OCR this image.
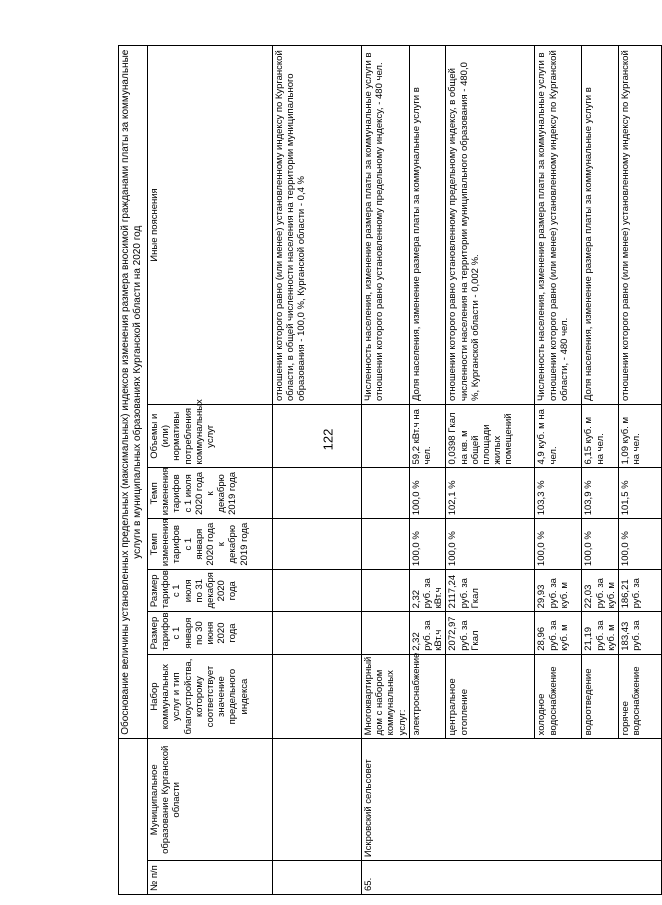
122
		Обоснование величины установленных предельных (максимальных) индексов изменения размера вносимой гражданами платы за коммунальные услуги в муниципальных образованиях Курганской области на 2020 год						
№ п/п	Муниципальное образование Курганской области	Набор коммунальных услуг и тип благоустройства, которому соответствует значение предельного индекса	Размер тарифов с 1 января по 30 июня 2020 года	Размер тарифов с 1 июля по 31 декабря 2020 года	Темп изменения тарифов с 1 января 2020 года к декабрю 2019 года	Темп изменения тарифов с 1 июля 2020 года к декабрю 2019 года	Объемы и (или) нормативы потребления коммунальных услуг	Иные пояснения
								отношении которого равно (или менее) установленному индексу по Курганской области, в общей численности населения на территории муниципального образования - 100,0 %, Курганской области - 0,4 %
65.	Искровский сельсовет	Многоквартирный дом с набором коммунальных услуг:						Численность населения, изменение размера платы за коммунальные услуги в отношении которого равно установленному предельному индексу, - 480 чел.
		электроснабжение	2,32 руб. за кВт.ч	2,32 руб. за кВт.ч	100,0 %	100,0 %	59,2 кВт.ч на чел.	Доля населения, изменение размера платы за коммунальные услуги в
		центральное отопление	2072,97 руб. за Гкал	2117,24 руб. за Гкал	100,0 %	102,1 %	0,0398 Гкал на кв. м общей площади жилых помещений	отношении которого равно установленному предельному индексу, в общей численности населения на территории муниципального образования - 480,0 %, Курганской области - 0,002 %.
		холодное водоснабжение	28,96 руб. за куб. м	29,93 руб. за куб. м	100,0 %	103,3 %	4,9 куб. м на чел.	Численность населения, изменение размера платы за коммунальные услуги в отношении которого равно (или менее) установленному индексу по Курганской области, - 480 чел.
		водоотведение	21,19 руб. за куб. м	22,03 руб. за куб. м	100,0 %	103,9 %	6,15 куб. м на чел.	Доля населения, изменение размера платы за коммунальные услуги в
		горячее водоснабжение	183,43 руб. за	186,21 руб. за	100,0 %	101,5 %	1,09 куб. м на чел.	отношении которого равно (или менее) установленному индексу по Курганской
